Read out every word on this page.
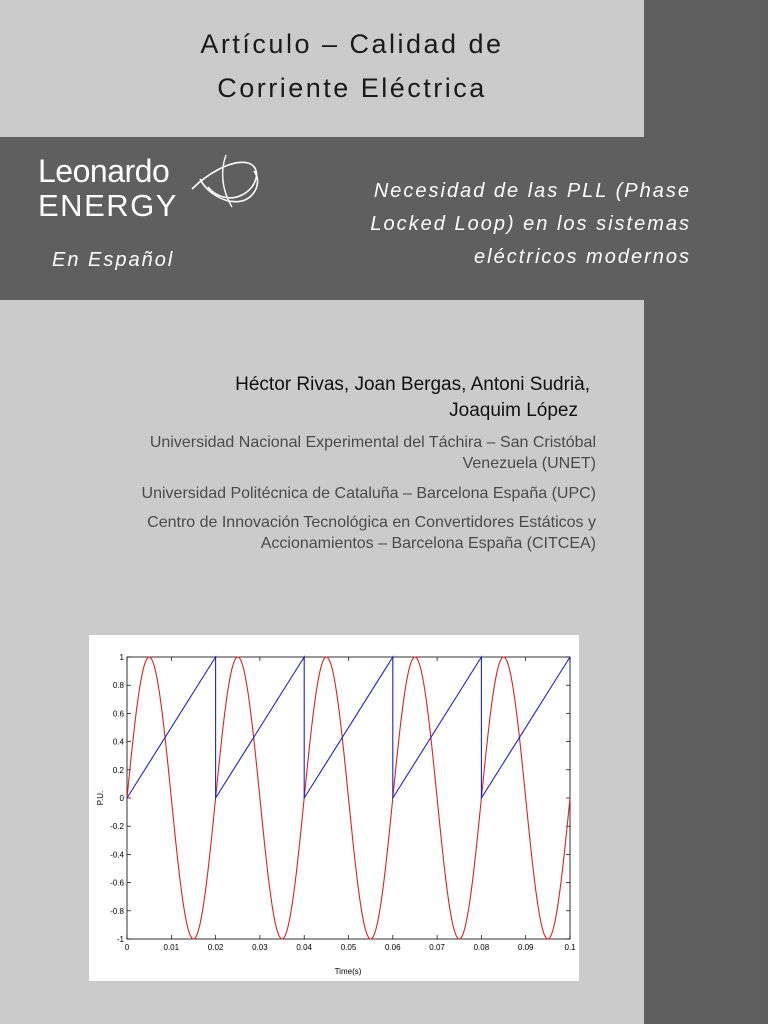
Artículo – Calidad de
Corriente Eléctrica
Leonardo
ENERGY
En Español
Necesidad de las PLL (Phase
Locked Loop) en los sistemas
eléctricos modernos
Héctor Rivas, Joan Bergas, Antoni Sudrià,
Joaquim López
Universidad Nacional Experimental del Táchira – San Cristóbal
Venezuela (UNET)
Universidad Politécnica de Cataluña – Barcelona España (UPC)
Centro de Innovación Tecnológica en Convertidores Estáticos y
Accionamientos – Barcelona España (CITCEA)
0	0.01	0.02	0.03	0.04	0.05	0.06	0.07	0.08	0.09	0.1
1
0.8
0.6
0.4
0.2
0
-0.2
-0.4
-0.6
-0.8
-1
Time(s)
P.U.
